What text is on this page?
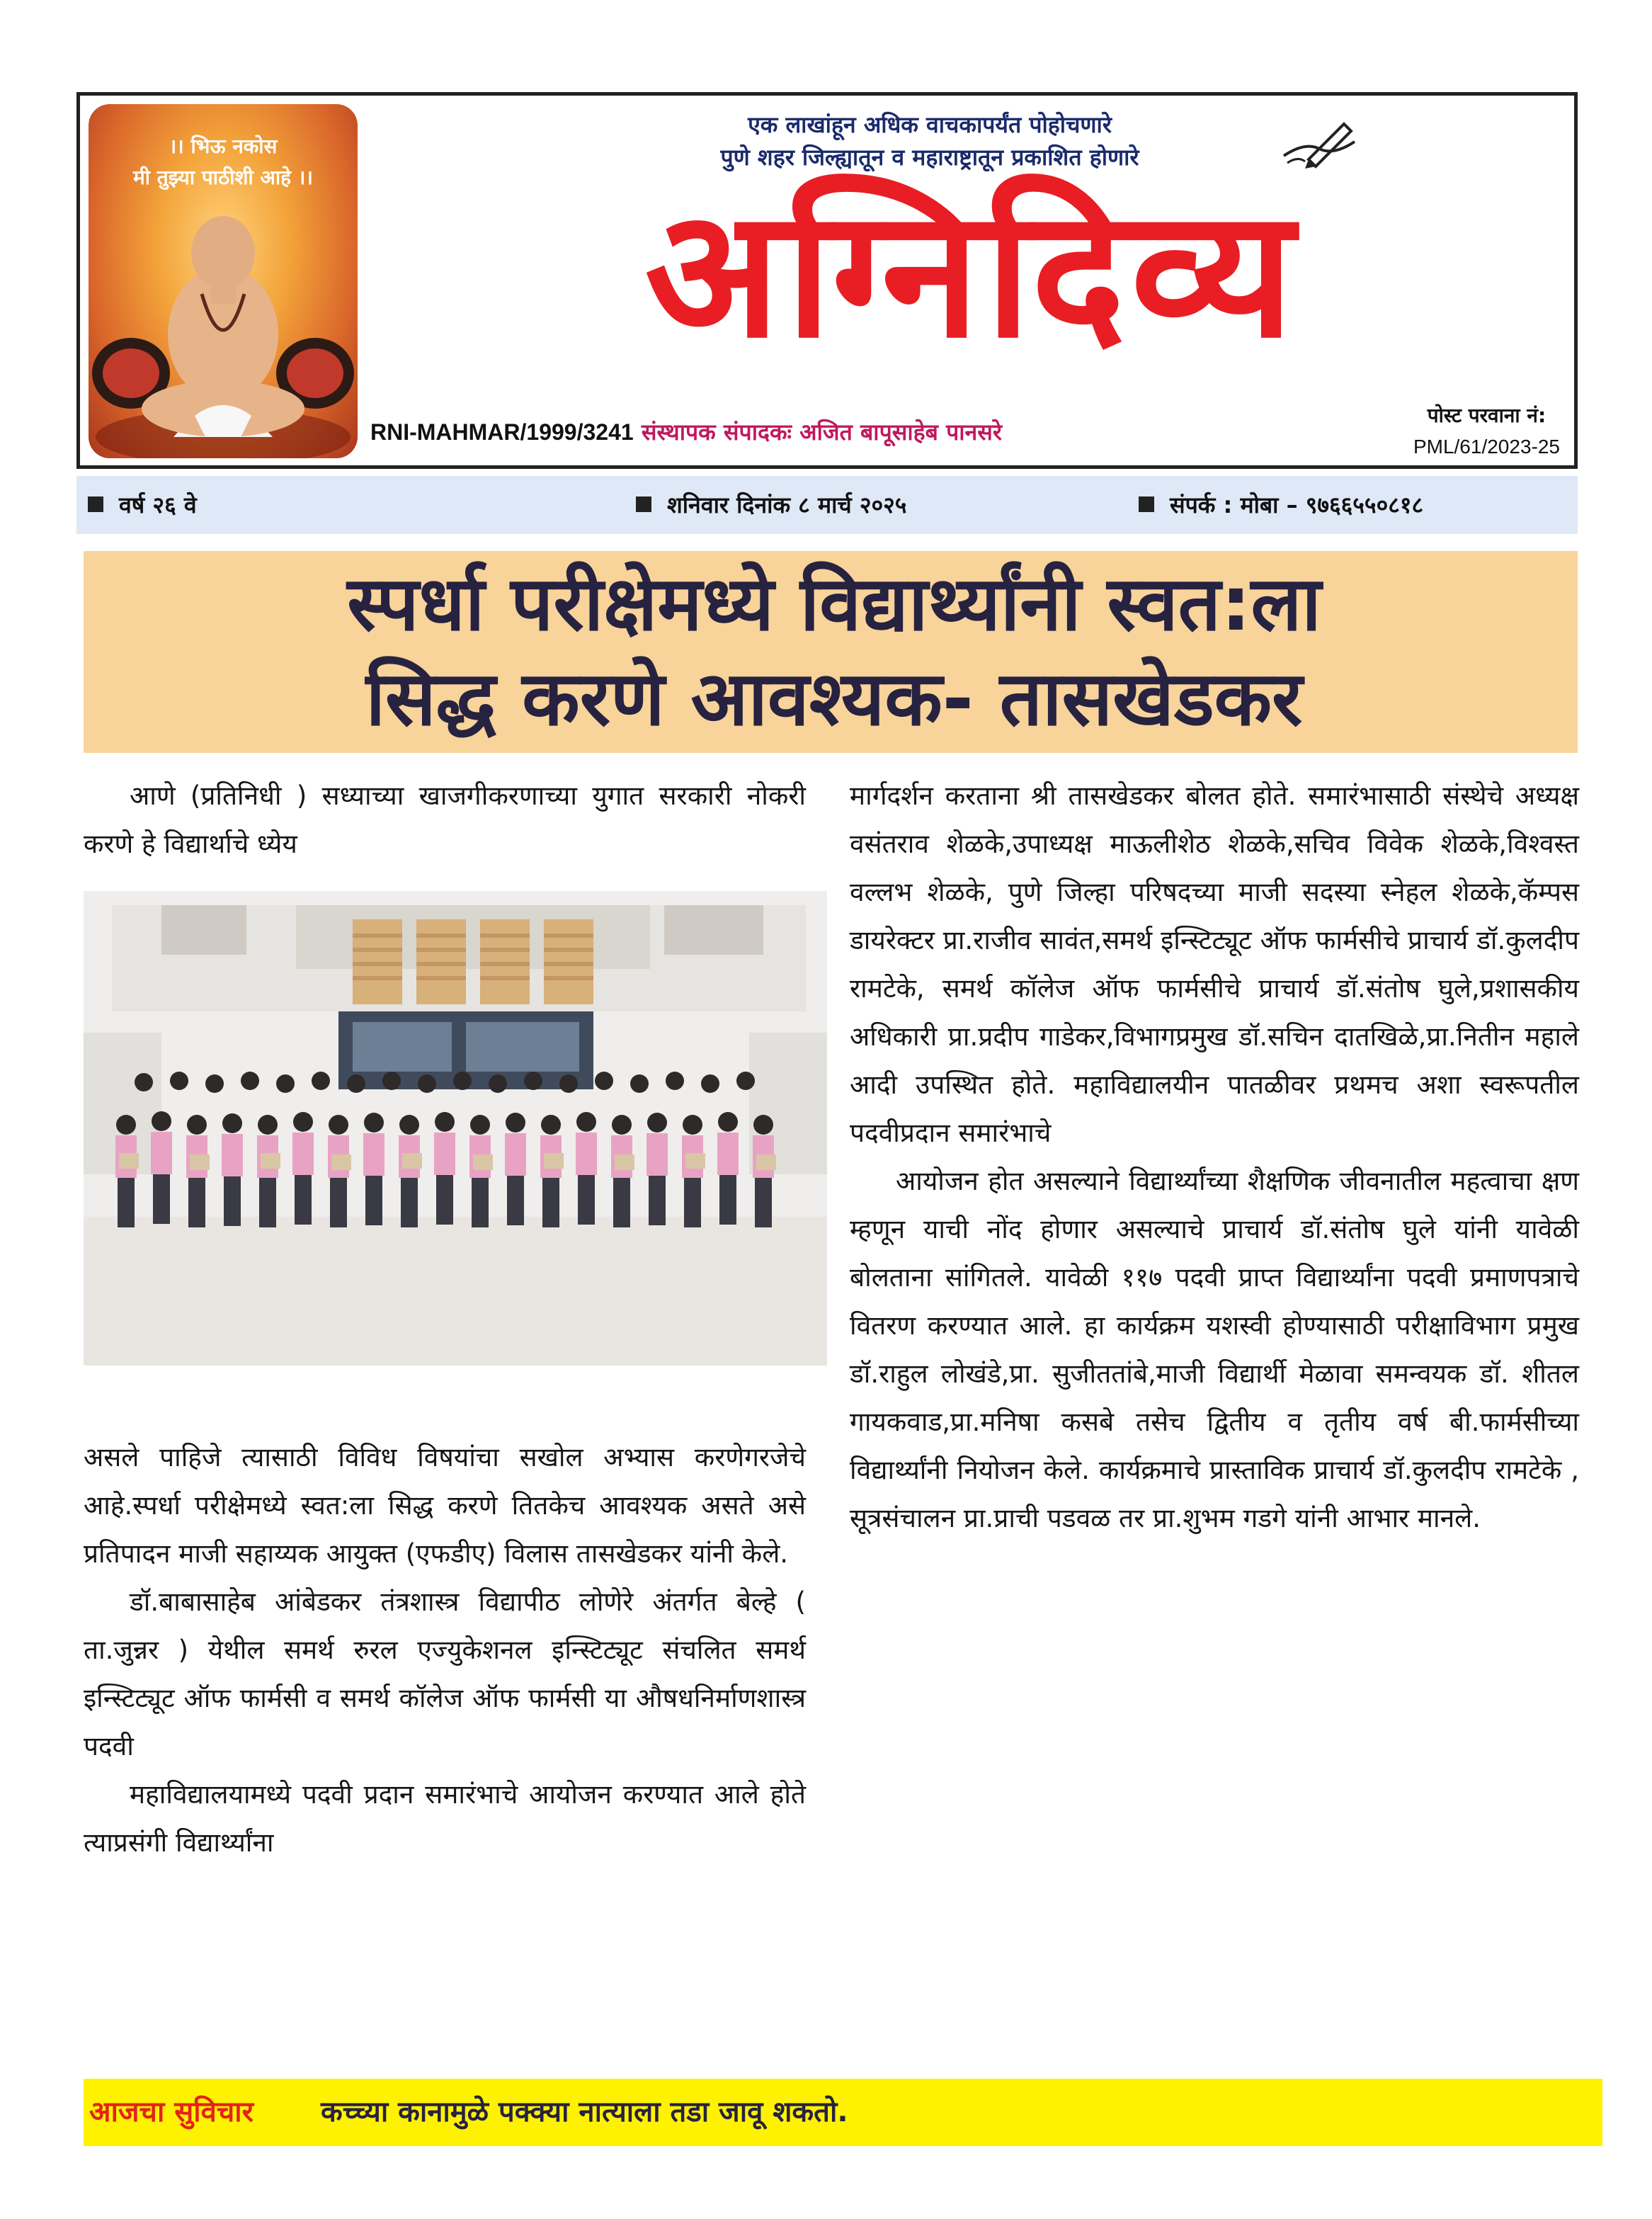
।। भिऊ नकोस
मी तुझ्या पाठीशी आहे ।।
एक लाखांहून अधिक वाचकापर्यंत पोहोचणारे
पुणे शहर जिल्ह्यातून व महाराष्ट्रातून प्रकाशित होणारे
अग्निदिव्य
RNI-MAHMAR/1999/3241 संस्थापक संपादकः अजित बापूसाहेब पानसरे
पोस्ट परवाना नं:
PML/61/2023-25
वर्ष २६ वे	शनिवार दिनांक ८ मार्च २०२५	संपर्क : मोबा – ९७६६५५०८१८
स्पर्धा परीक्षेमध्ये विद्यार्थ्यांनी स्वत:ला
सिद्ध करणे आवश्यक- तासखेडकर

आणे (प्रतिनिधी ) सध्याच्या खाजगीकरणाच्या युगात सरकारी नोकरी करणे हे विद्यार्थाचे ध्येय

असले पाहिजे त्यासाठी विविध विषयांचा सखोल अभ्यास करणेगरजेचे आहे.स्पर्धा परीक्षेमध्ये स्वत:ला सिद्ध करणे तितकेच आवश्यक असते असे प्रतिपादन माजी सहाय्यक आयुक्त (एफडीए) विलास तासखेडकर यांनी केले.

डॉ.बाबासाहेब आंबेडकर तंत्रशास्त्र विद्यापीठ लोणेरे अंतर्गत बेल्हे ( ता.जुन्नर ) येथील समर्थ रुरल एज्युकेशनल इन्स्टिट्यूट संचलित समर्थ इन्स्टिट्यूट ऑफ फार्मसी व समर्थ कॉलेज ऑफ फार्मसी या औषधनिर्माणशास्त्र पदवी

महाविद्यालयामध्ये पदवी प्रदान समारंभाचे आयोजन करण्यात आले होते त्याप्रसंगी विद्यार्थ्यांना

मार्गदर्शन करताना श्री तासखेडकर बोलत होते. समारंभासाठी संस्थेचे अध्यक्ष वसंतराव शेळके,उपाध्यक्ष माऊलीशेठ शेळके,सचिव विवेक शेळके,विश्वस्त वल्लभ शेळके, पुणे जिल्हा परिषदच्या माजी सदस्या स्नेहल शेळके,कॅम्पस डायरेक्टर प्रा.राजीव सावंत,समर्थ इन्स्टिट्यूट ऑफ फार्मसीचे प्राचार्य डॉ.कुलदीप रामटेके, समर्थ कॉलेज ऑफ फार्मसीचे प्राचार्य डॉ.संतोष घुले,प्रशासकीय अधिकारी प्रा.प्रदीप गाडेकर,विभागप्रमुख डॉ.सचिन दातखिळे,प्रा.नितीन महाले आदी उपस्थित होते. महाविद्यालयीन पातळीवर प्रथमच अशा स्वरूपतील पदवीप्रदान समारंभाचे

आयोजन होत असल्याने विद्यार्थ्यांच्या शैक्षणिक जीवनातील महत्वाचा क्षण म्हणून याची नोंद होणार असल्याचे प्राचार्य डॉ.संतोष घुले यांनी यावेळी बोलताना सांगितले. यावेळी ११७ पदवी प्राप्त विद्यार्थ्यांना पदवी प्रमाणपत्राचे वितरण करण्यात आले. हा कार्यक्रम यशस्वी होण्यासाठी परीक्षाविभाग प्रमुख डॉ.राहुल लोखंडे,प्रा. सुजीततांबे,माजी विद्यार्थी मेळावा समन्वयक डॉ. शीतल गायकवाड,प्रा.मनिषा कसबे तसेच द्वितीय व तृतीय वर्ष बी.फार्मसीच्या विद्यार्थ्यांनी नियोजन केले. कार्यक्रमाचे प्रास्ताविक प्राचार्य डॉ.कुलदीप रामटेके , सूत्रसंचालन प्रा.प्राची पडवळ तर प्रा.शुभम गडगे यांनी आभार मानले.

आजचा सुविचार कच्च्या कानामुळे पक्क्या नात्याला तडा जावू शकतो.
